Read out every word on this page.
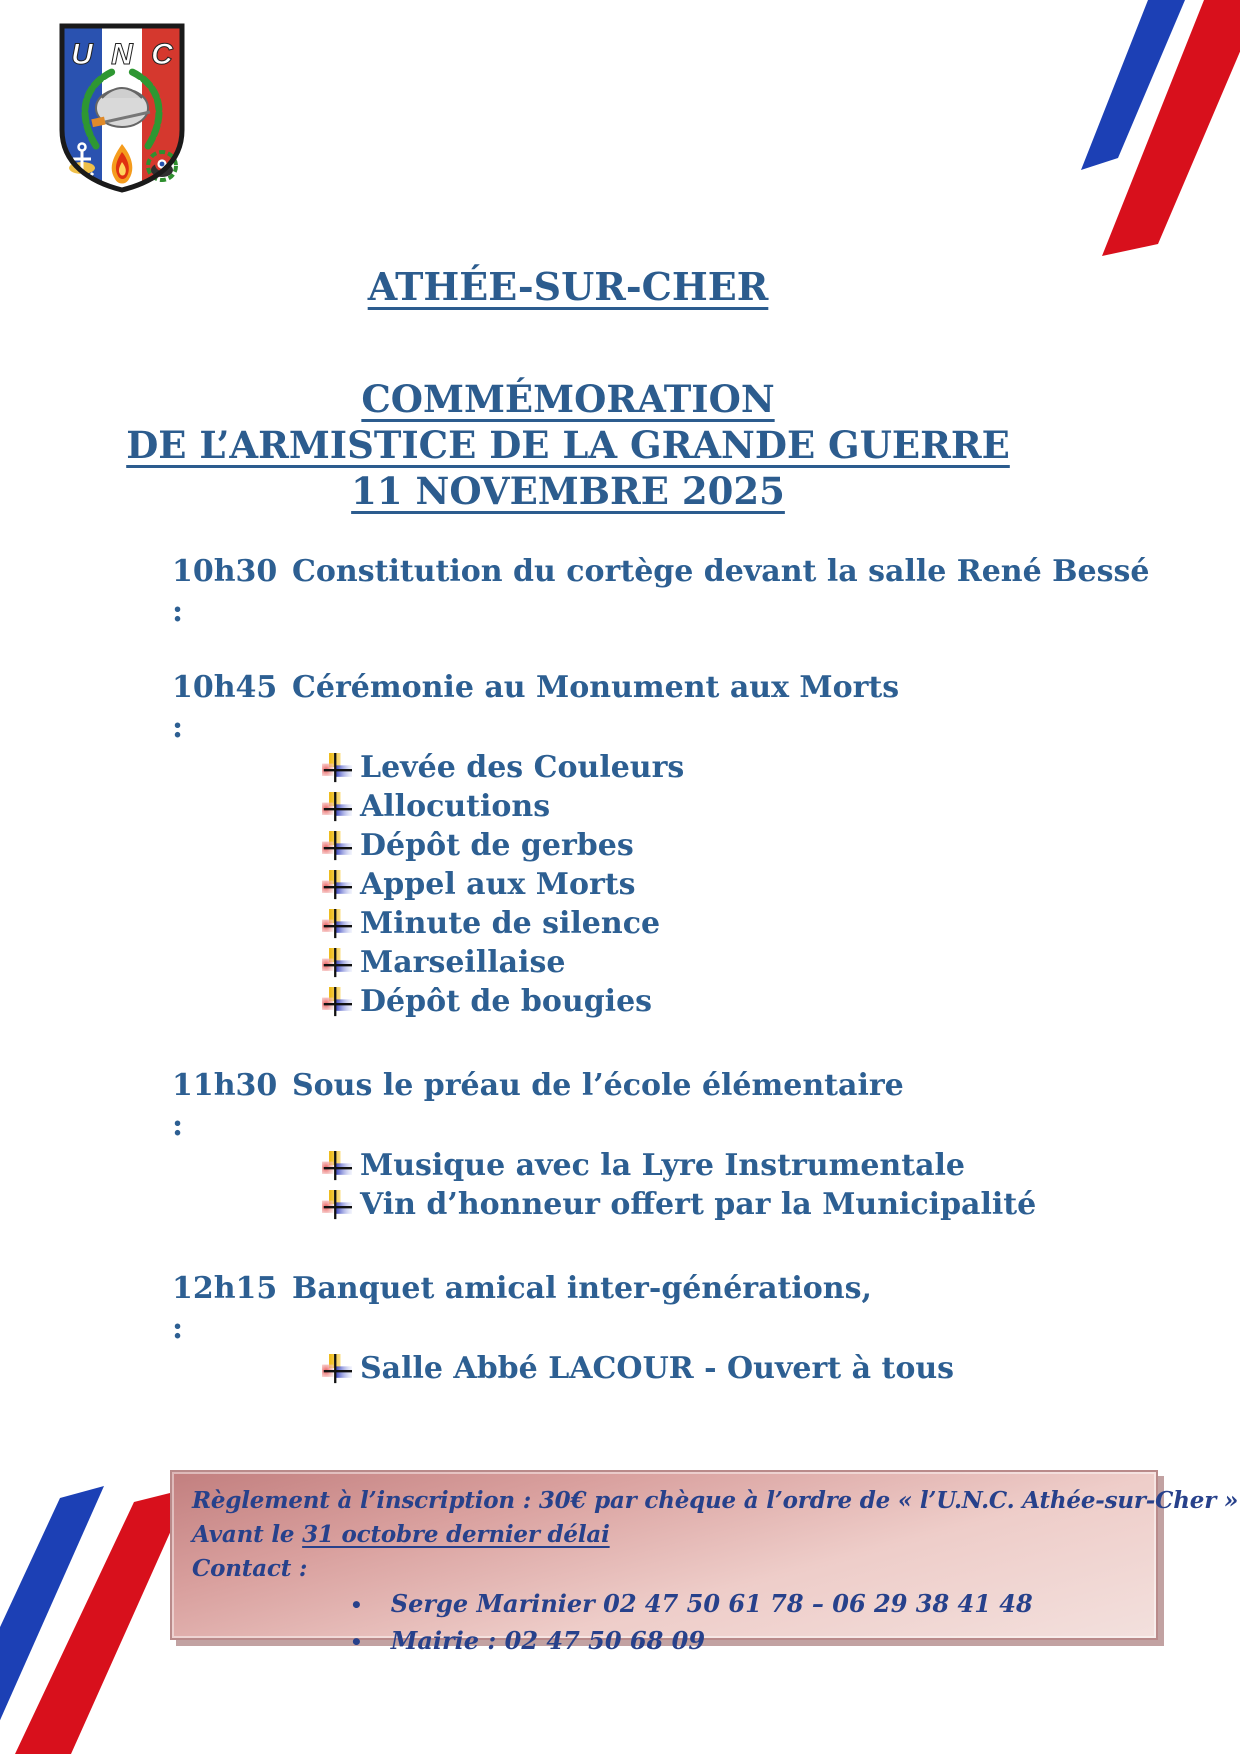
U N C
ATHÉE-SUR-CHER
COMMÉMORATION
DE L’ARMISTICE DE LA GRANDE GUERRE
11 NOVEMBRE 2025
10h30 :
Constitution du cortège devant la salle René Bessé
10h45 :
Cérémonie au Monument aux Morts
Levée des Couleurs
Allocutions
Dépôt de gerbes
Appel aux Morts
Minute de silence
Marseillaise
Dépôt de bougies
11h30 :
Sous le préau de l’école élémentaire
Musique avec la Lyre Instrumentale
Vin d’honneur offert par la Municipalité
12h15 :
Banquet amical inter-générations,
Salle Abbé LACOUR - Ouvert à tous
Règlement à l’inscription : 30€ par chèque à l’ordre de « l’U.N.C. Athée-sur-Cher »
Avant le 31 octobre dernier délai
Contact :
• Serge Marinier 02 47 50 61 78 – 06 29 38 41 48
• Mairie : 02 47 50 68 09
